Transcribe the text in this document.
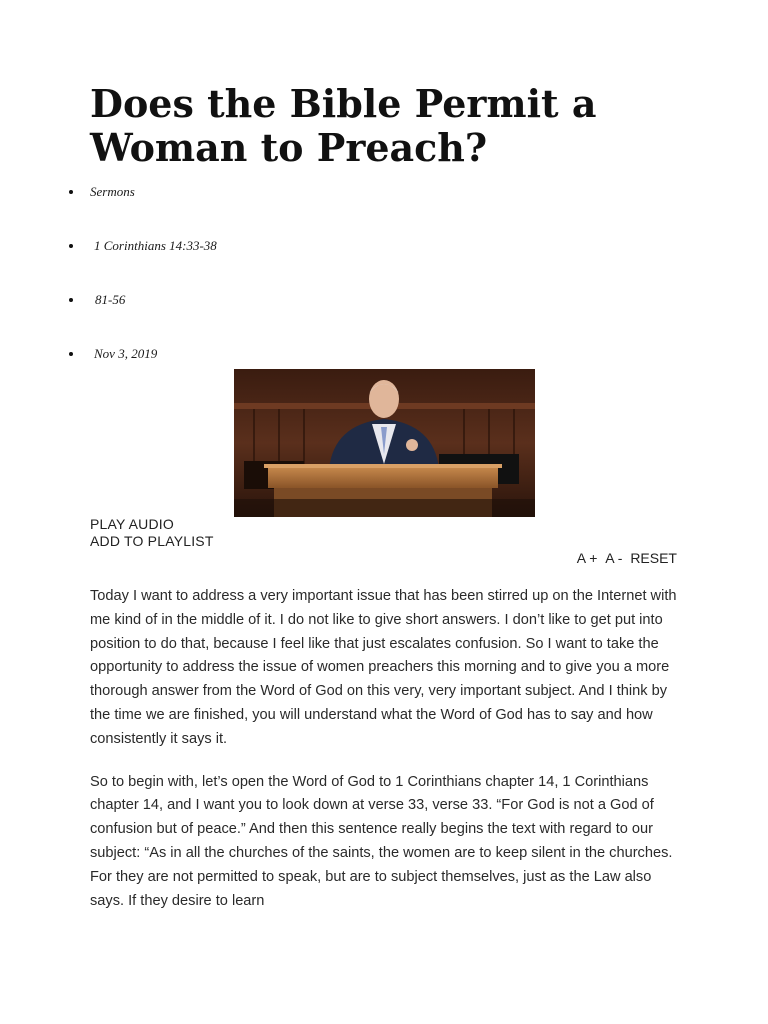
Does the Bible Permit a Woman to Preach?
Sermons
1 Corinthians 14:33-38
81-56
Nov 3, 2019
PLAY AUDIO
ADD TO PLAYLIST
A + A - RESET

Today I want to address a very important issue that has been stirred up on the Internet with me kind of in the middle of it. I do not like to give short answers. I don’t like to get put into position to do that, because I feel like that just escalates confusion. So I want to take the opportunity to address the issue of women preachers this morning and to give you a more thorough answer from the Word of God on this very, very important subject. And I think by the time we are finished, you will understand what the Word of God has to say and how consistently it says it.

So to begin with, let’s open the Word of God to 1 Corinthians chapter 14, 1 Corinthians chapter 14, and I want you to look down at verse 33, verse 33. “For God is not a God of confusion but of peace.” And then this sentence really begins the text with regard to our subject: “As in all the churches of the saints, the women are to keep silent in the churches. For they are not permitted to speak, but are to subject themselves, just as the Law also says. If they desire to learn
